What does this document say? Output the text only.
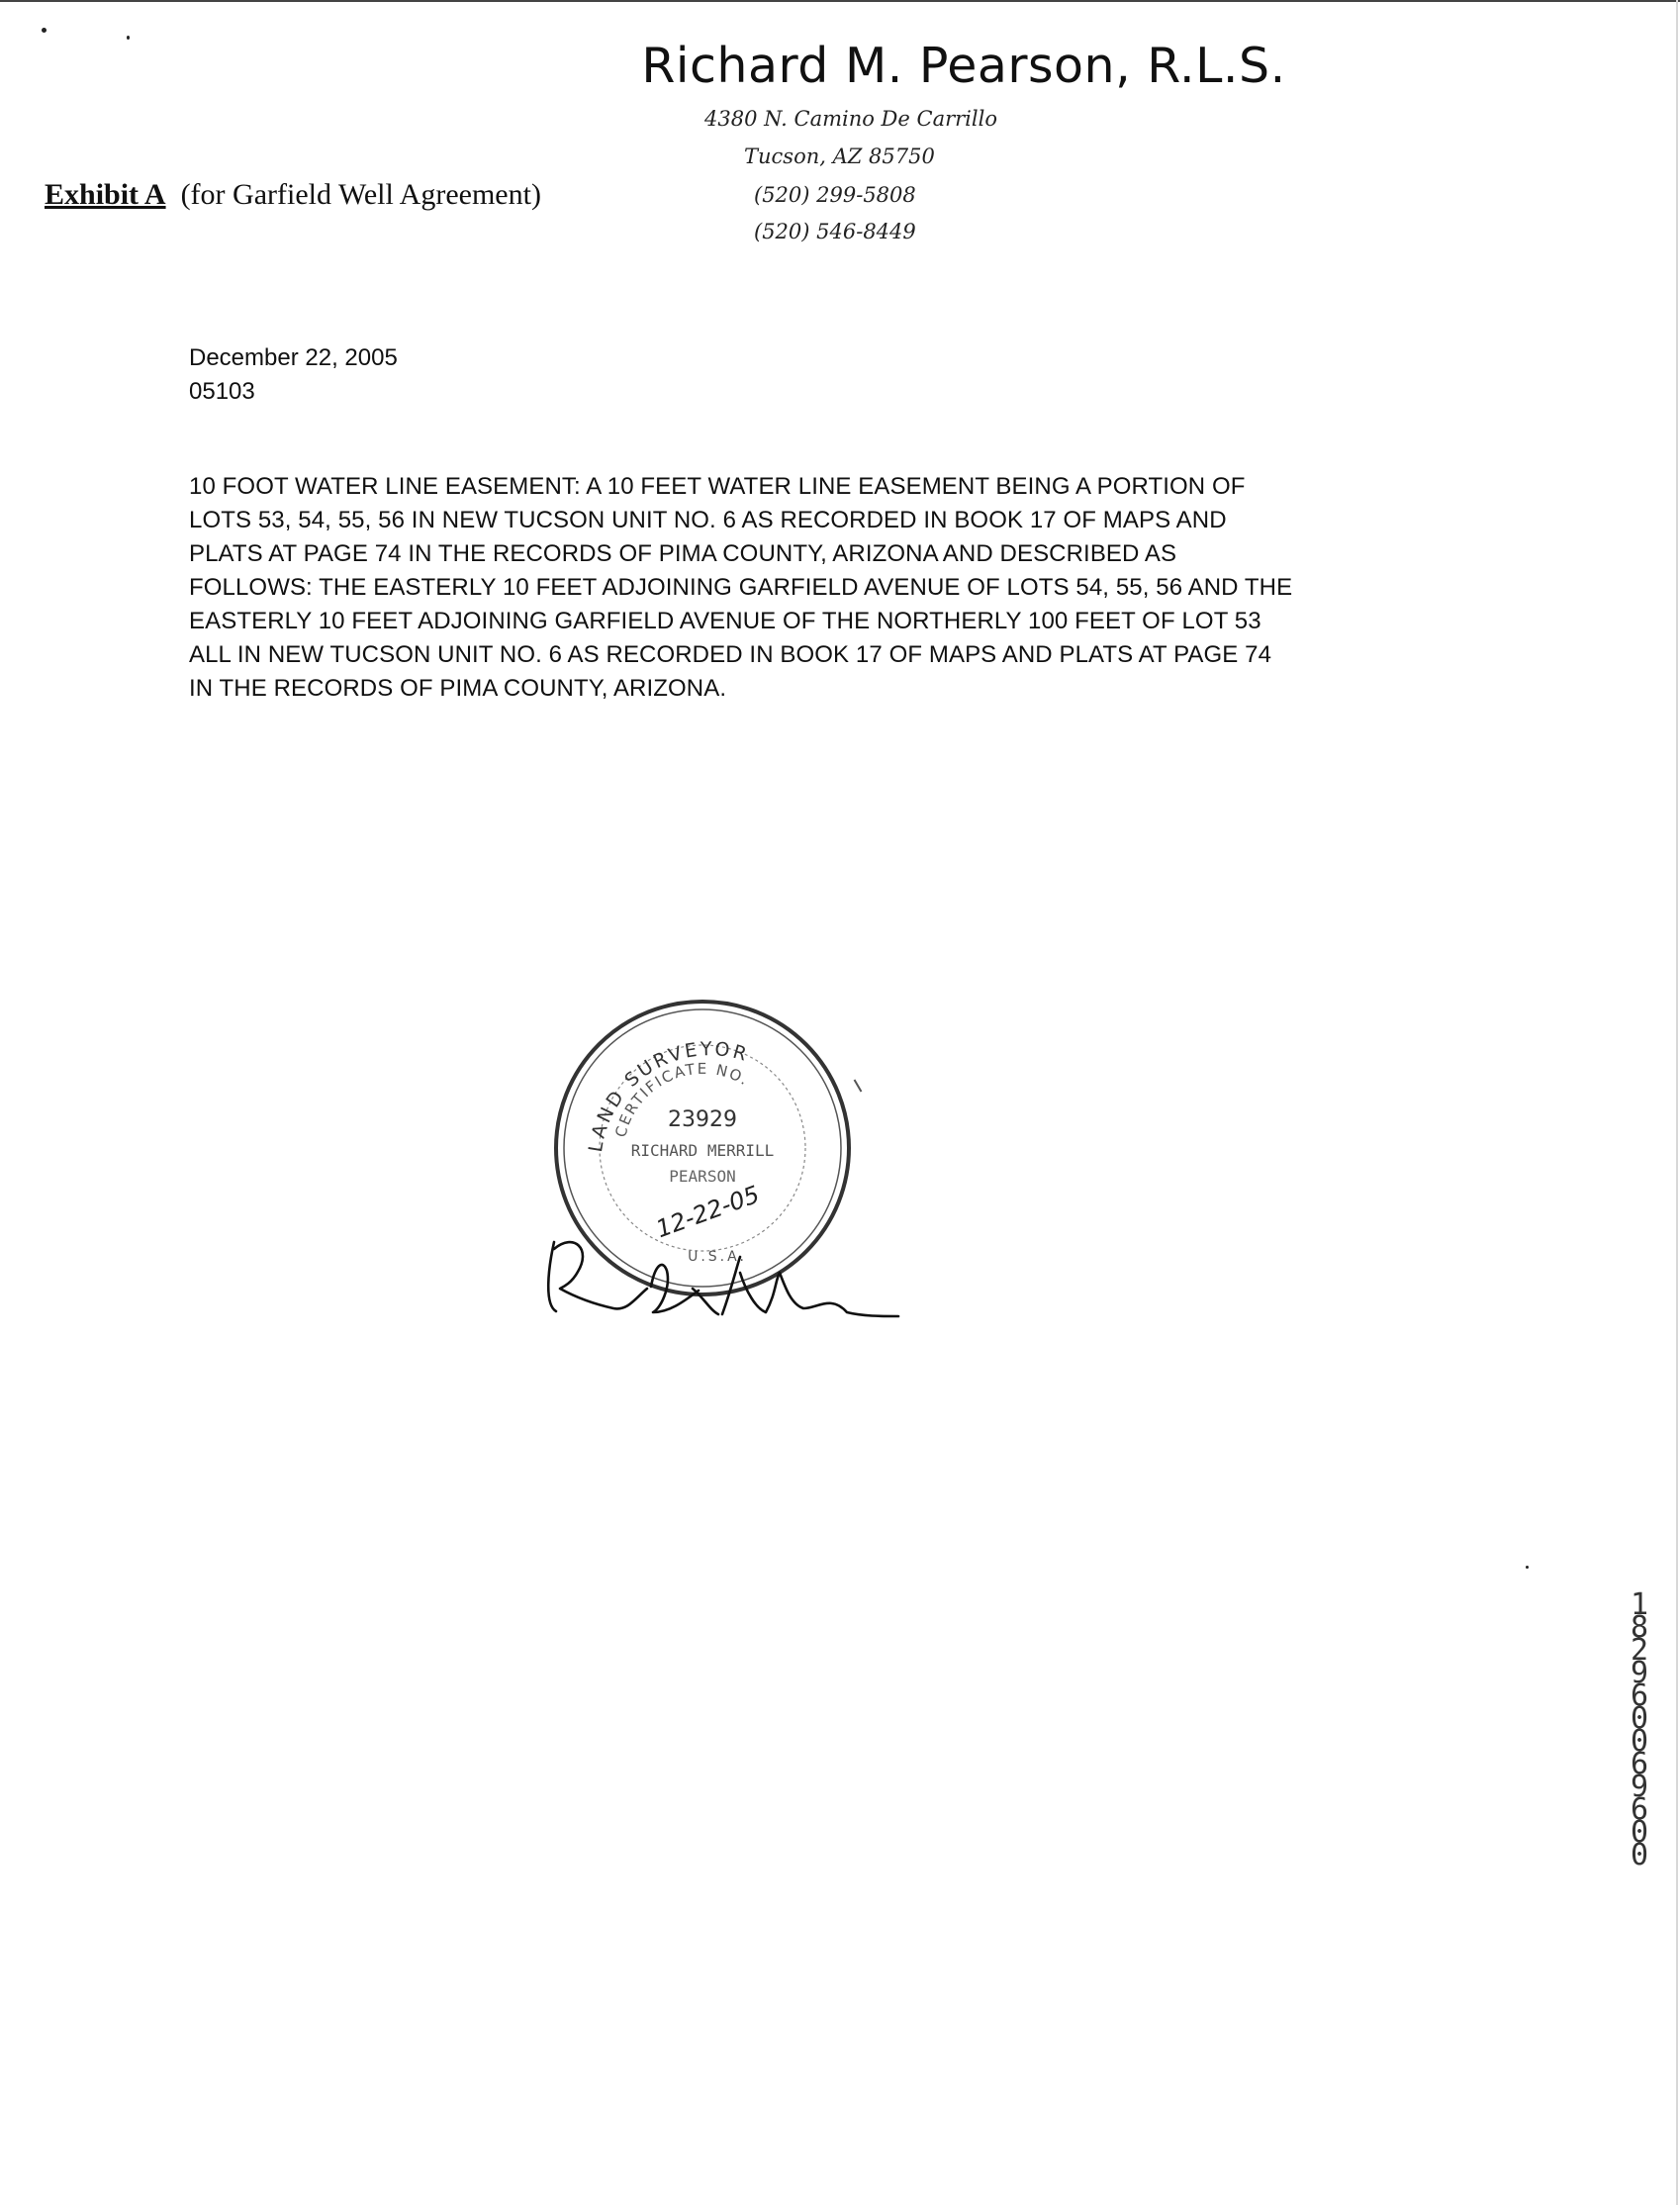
Richard M. Pearson, R.L.S.
4380 N. Camino De Carrillo
Tucson, AZ 85750
(520) 299-5808
(520) 546-8449
Exhibit A (for Garfield Well Agreement)
December 22, 2005
05103
10 FOOT WATER LINE EASEMENT: A 10 FEET WATER LINE EASEMENT BEING A PORTION OF
LOTS 53, 54, 55, 56 IN NEW TUCSON UNIT NO. 6 AS RECORDED IN BOOK 17 OF MAPS AND
PLATS AT PAGE 74 IN THE RECORDS OF PIMA COUNTY, ARIZONA AND DESCRIBED AS
FOLLOWS: THE EASTERLY 10 FEET ADJOINING GARFIELD AVENUE OF LOTS 54, 55, 56 AND THE
EASTERLY 10 FEET ADJOINING GARFIELD AVENUE OF THE NORTHERLY 100 FEET OF LOT 53
ALL IN NEW TUCSON UNIT NO. 6 AS RECORDED IN BOOK 17 OF MAPS AND PLATS AT PAGE 74
IN THE RECORDS OF PIMA COUNTY, ARIZONA.
LAND SURVEYOR
CERTIFICATE NO.
23929
RICHARD MERRILL
PEARSON
12-22-05
U.S.A.
1 829600 69600
